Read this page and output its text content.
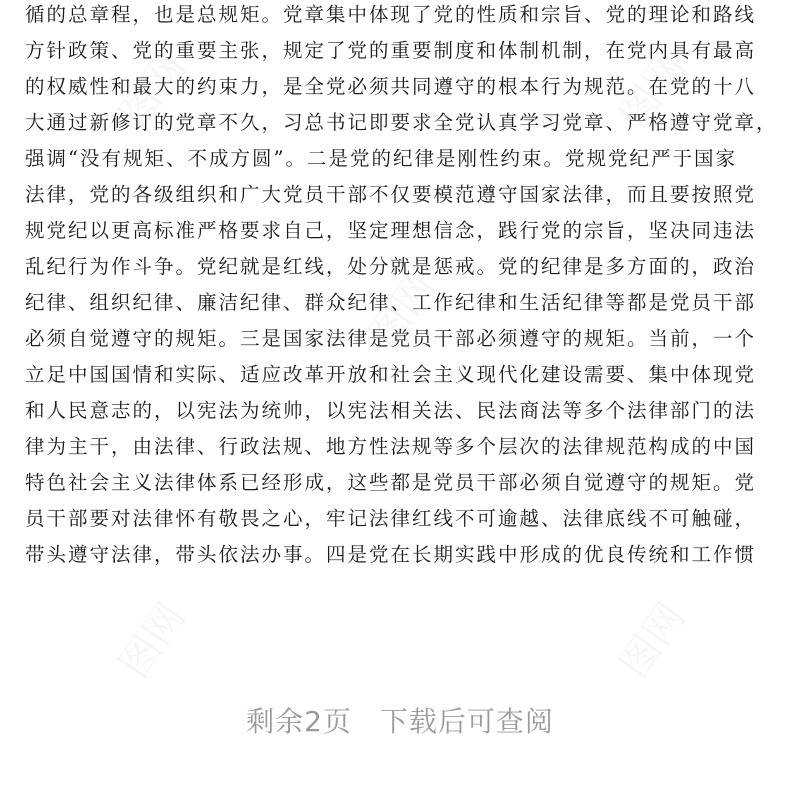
循的总章程，也是总规矩。党章集中体现了党的性质和宗旨、党的理论和路线
方针政策、党的重要主张，规定了党的重要制度和体制机制，在党内具有最高
的权威性和最大的约束力，是全党必须共同遵守的根本行为规范。在党的十八
大通过新修订的党章不久，习总书记即要求全党认真学习党章、严格遵守党章，
强调“没有规矩、不成方圆”。二是党的纪律是刚性约束。党规党纪严于国家
法律，党的各级组织和广大党员干部不仅要模范遵守国家法律，而且要按照党
规党纪以更高标准严格要求自己，坚定理想信念，践行党的宗旨，坚决同违法
乱纪行为作斗争。党纪就是红线，处分就是惩戒。党的纪律是多方面的，政治
纪律、组织纪律、廉洁纪律、群众纪律、工作纪律和生活纪律等都是党员干部
必须自觉遵守的规矩。三是国家法律是党员干部必须遵守的规矩。当前，一个
立足中国国情和实际、适应改革开放和社会主义现代化建设需要、集中体现党
和人民意志的，以宪法为统帅，以宪法相关法、民法商法等多个法律部门的法
律为主干，由法律、行政法规、地方性法规等多个层次的法律规范构成的中国
特色社会主义法律体系已经形成，这些都是党员干部必须自觉遵守的规矩。党
员干部要对法律怀有敬畏之心，牢记法律红线不可逾越、法律底线不可触碰，
带头遵守法律，带头依法办事。四是党在长期实践中形成的优良传统和工作惯
剩余2页 下载后可查阅
